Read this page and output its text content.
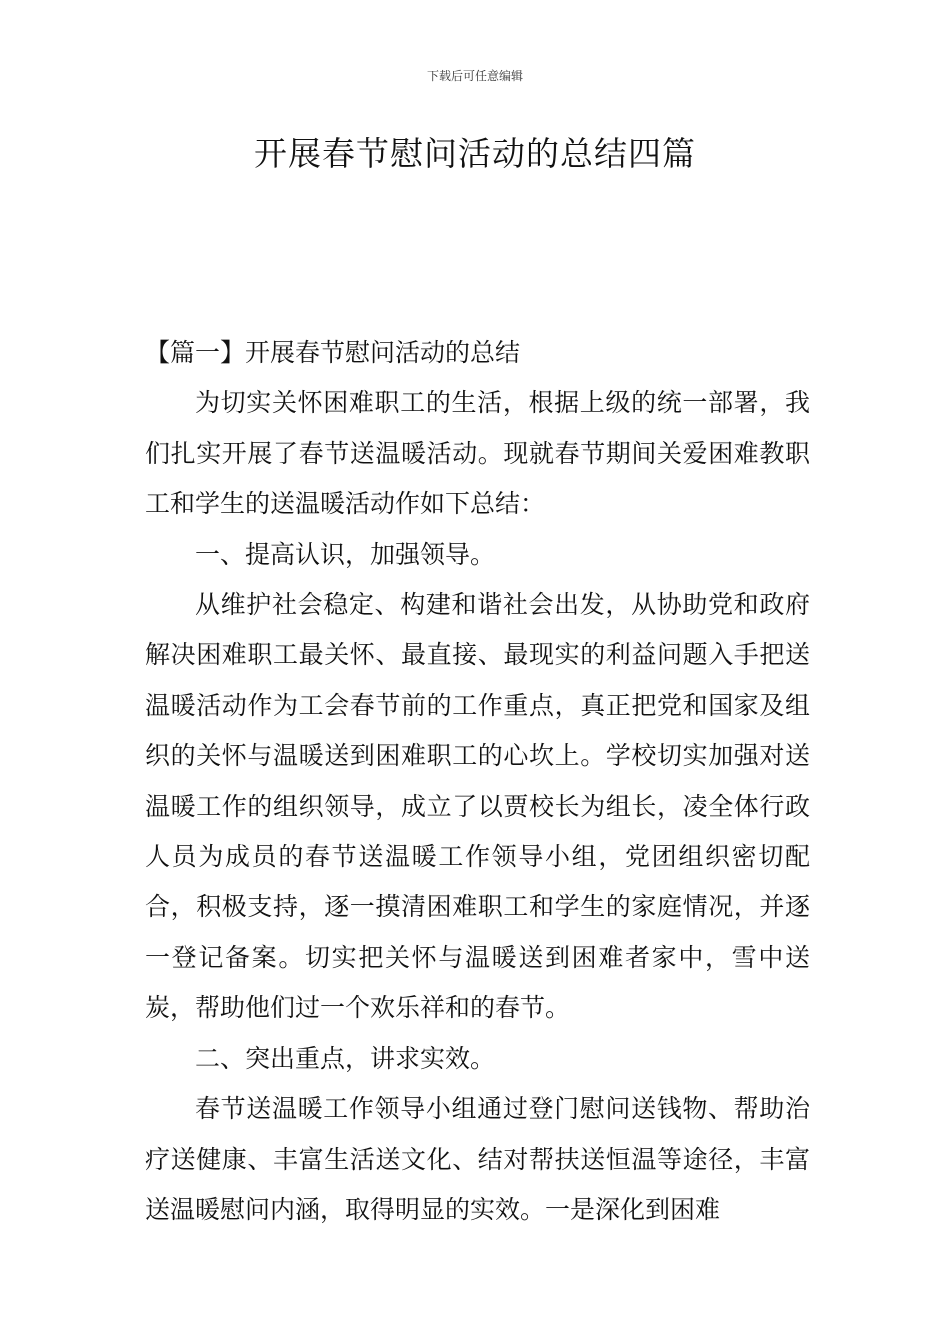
下载后可任意编辑
开展春节慰问活动的总结四篇

【篇一】开展春节慰问活动的总结

为切实关怀困难职工的生活，根据上级的统一部署，我们扎实开展了春节送温暖活动。现就春节期间关爱困难教职工和学生的送温暖活动作如下总结：

一、提高认识，加强领导。

从维护社会稳定、构建和谐社会出发，从协助党和政府解决困难职工最关怀、最直接、最现实的利益问题入手把送温暖活动作为工会春节前的工作重点，真正把党和国家及组织的关怀与温暖送到困难职工的心坎上。学校切实加强对送温暖工作的组织领导，成立了以贾校长为组长，凌全体行政人员为成员的春节送温暖工作领导小组，党团组织密切配合，积极支持，逐一摸清困难职工和学生的家庭情况，并逐一登记备案。切实把关怀与温暖送到困难者家中，雪中送炭，帮助他们过一个欢乐祥和的春节。

二、突出重点，讲求实效。

春节送温暖工作领导小组通过登门慰问送钱物、帮助治疗送健康、丰富生活送文化、结对帮扶送恒温等途径，丰富送温暖慰问内涵，取得明显的实效。一是深化到困难
